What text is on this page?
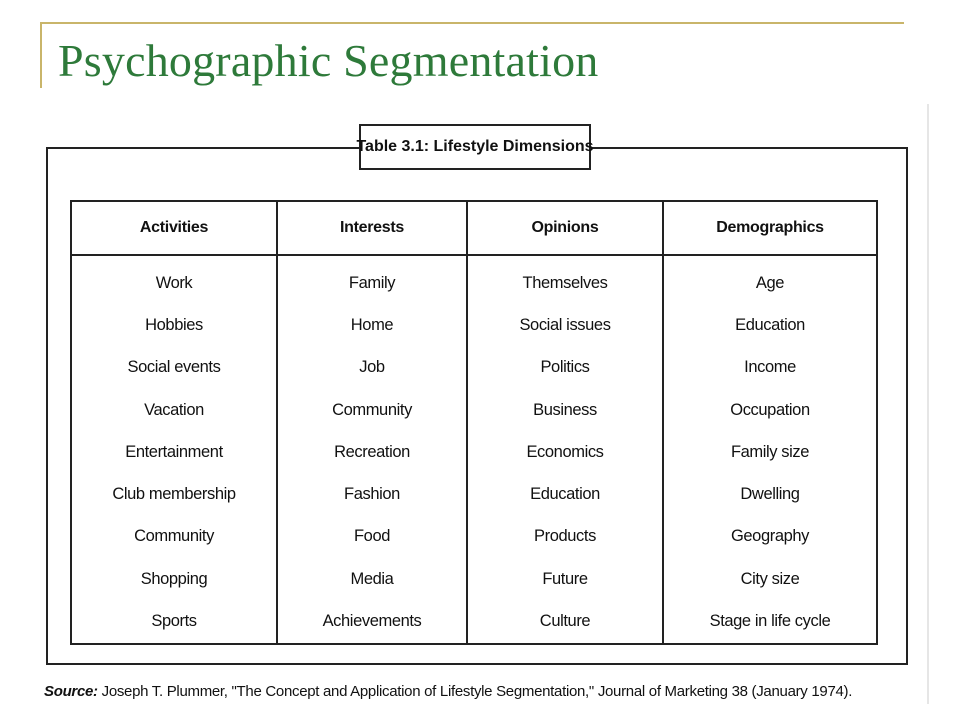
Psychographic Segmentation
Table 3.1: Lifestyle Dimensions
Activities	Interests	Opinions	Demographics
Work	Family	Themselves	Age
Hobbies	Home	Social issues	Education
Social events	Job	Politics	Income
Vacation	Community	Business	Occupation
Entertainment	Recreation	Economics	Family size
Club membership	Fashion	Education	Dwelling
Community	Food	Products	Geography
Shopping	Media	Future	City size
Sports	Achievements	Culture	Stage in life cycle
Source: Joseph T. Plummer, "The Concept and Application of Lifestyle Segmentation," Journal of Marketing 38 (January 1974).
